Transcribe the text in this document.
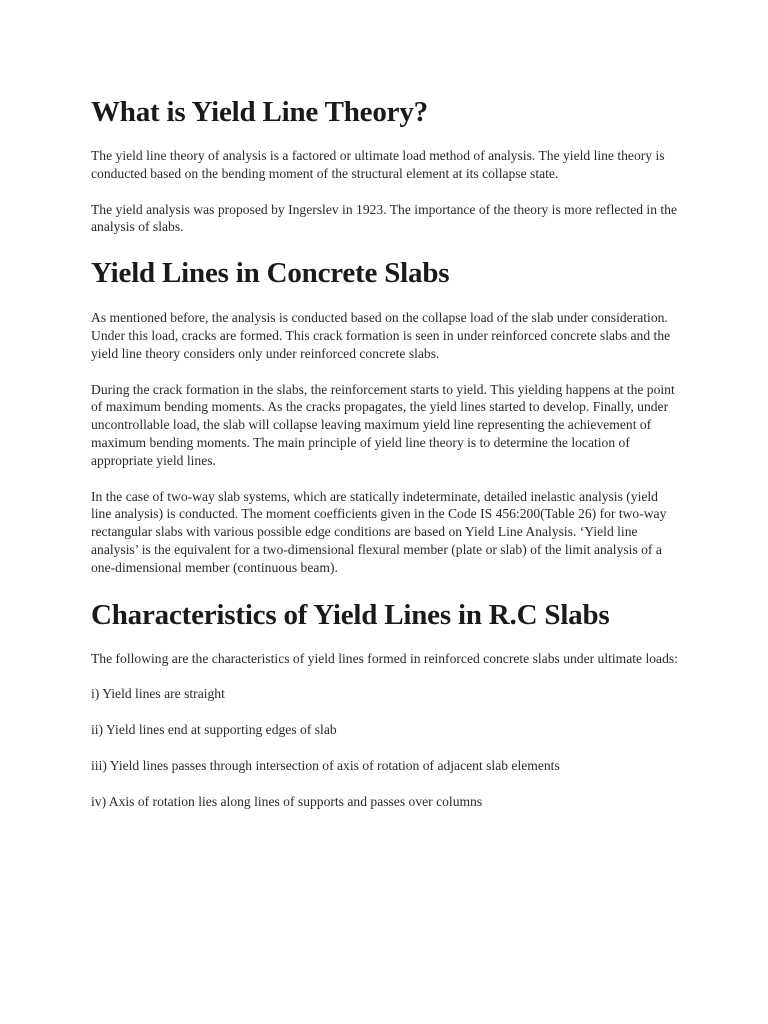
What is Yield Line Theory?

The yield line theory of analysis is a factored or ultimate load method of analysis. The yield line theory is conducted based on the bending moment of the structural element at its collapse state.

The yield analysis was proposed by Ingerslev in 1923. The importance of the theory is more reflected in the analysis of slabs.

Yield Lines in Concrete Slabs

As mentioned before, the analysis is conducted based on the collapse load of the slab under consideration. Under this load, cracks are formed. This crack formation is seen in under reinforced concrete slabs and the yield line theory considers only under reinforced concrete slabs.

During the crack formation in the slabs, the reinforcement starts to yield. This yielding happens at the point of maximum bending moments. As the cracks propagates, the yield lines started to develop. Finally, under uncontrollable load, the slab will collapse leaving maximum yield line representing the achievement of maximum bending moments. The main principle of yield line theory is to determine the location of appropriate yield lines.

In the case of two-way slab systems, which are statically indeterminate, detailed inelastic analysis (yield line analysis) is conducted. The moment coefficients given in the Code IS 456:200(Table 26) for two-way rectangular slabs with various possible edge conditions are based on Yield Line Analysis. ‘Yield line analysis’ is the equivalent for a two-dimensional flexural member (plate or slab) of the limit analysis of a one-dimensional member (continuous beam).

Characteristics of Yield Lines in R.C Slabs

The following are the characteristics of yield lines formed in reinforced concrete slabs under ultimate loads:

i) Yield lines are straight

ii) Yield lines end at supporting edges of slab

iii) Yield lines passes through intersection of axis of rotation of adjacent slab elements

iv) Axis of rotation lies along lines of supports and passes over columns
